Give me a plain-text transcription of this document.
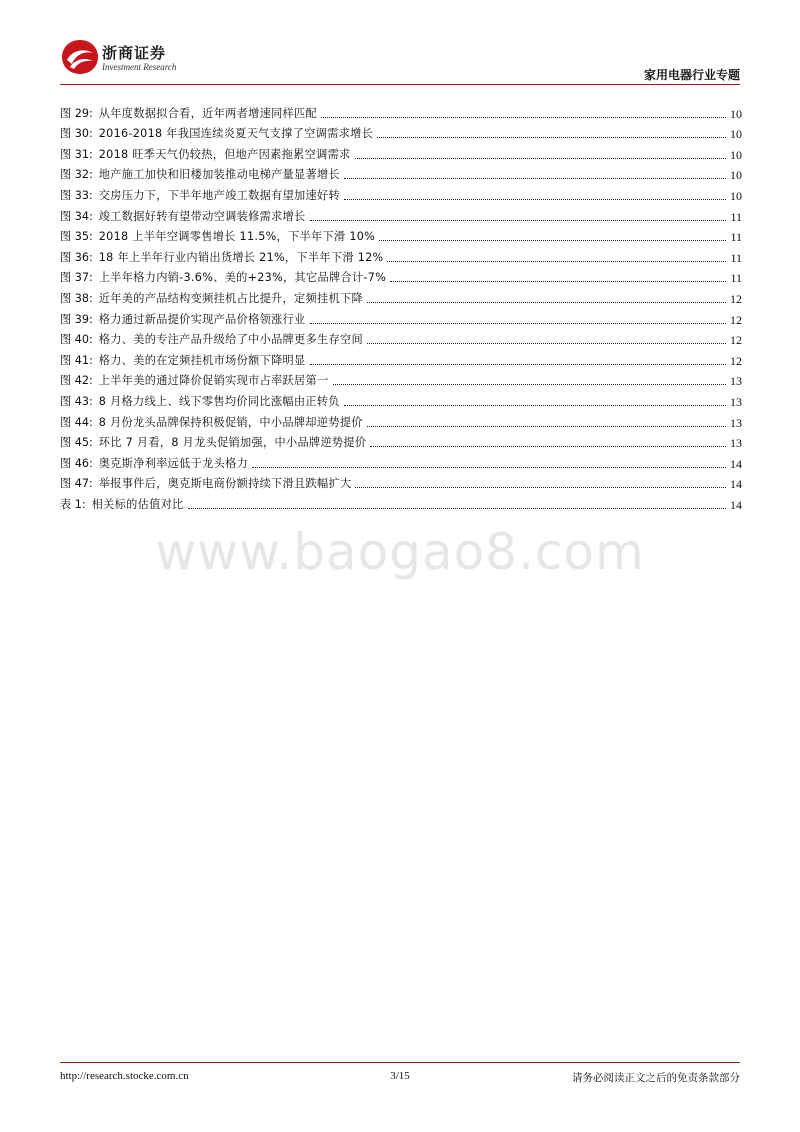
浙商证券
Investment Research
家用电器行业专题
图 29: 从年度数据拟合看，近年两者增速同样匹配	10
图 30: 2016-2018 年我国连续炎夏天气支撑了空调需求增长	10
图 31: 2018 旺季天气仍较热，但地产因素拖累空调需求	10
图 32: 地产施工加快和旧楼加装推动电梯产量显著增长	10
图 33: 交房压力下，下半年地产竣工数据有望加速好转	10
图 34: 竣工数据好转有望带动空调装修需求增长	11
图 35: 2018 上半年空调零售增长 11.5%，下半年下滑 10%	11
图 36: 18 年上半年行业内销出货增长 21%，下半年下滑 12%	11
图 37: 上半年格力内销-3.6%、美的+23%，其它品牌合计-7%	11
图 38: 近年美的产品结构变频挂机占比提升，定频挂机下降	12
图 39: 格力通过新品提价实现产品价格领涨行业	12
图 40: 格力、美的专注产品升级给了中小品牌更多生存空间	12
图 41: 格力、美的在定频挂机市场份额下降明显	12
图 42: 上半年美的通过降价促销实现市占率跃居第一	13
图 43: 8 月格力线上、线下零售均价同比涨幅由正转负	13
图 44: 8 月份龙头品牌保持积极促销，中小品牌却逆势提价	13
图 45: 环比 7 月看，8 月龙头促销加强，中小品牌逆势提价	13
图 46: 奥克斯净利率远低于龙头格力	14
图 47: 举报事件后，奥克斯电商份额持续下滑且跌幅扩大	14
表 1: 相关标的估值对比	14
www.baogao8.com
http://research.stocke.com.cn	3/15	请务必阅读正文之后的免责条款部分
